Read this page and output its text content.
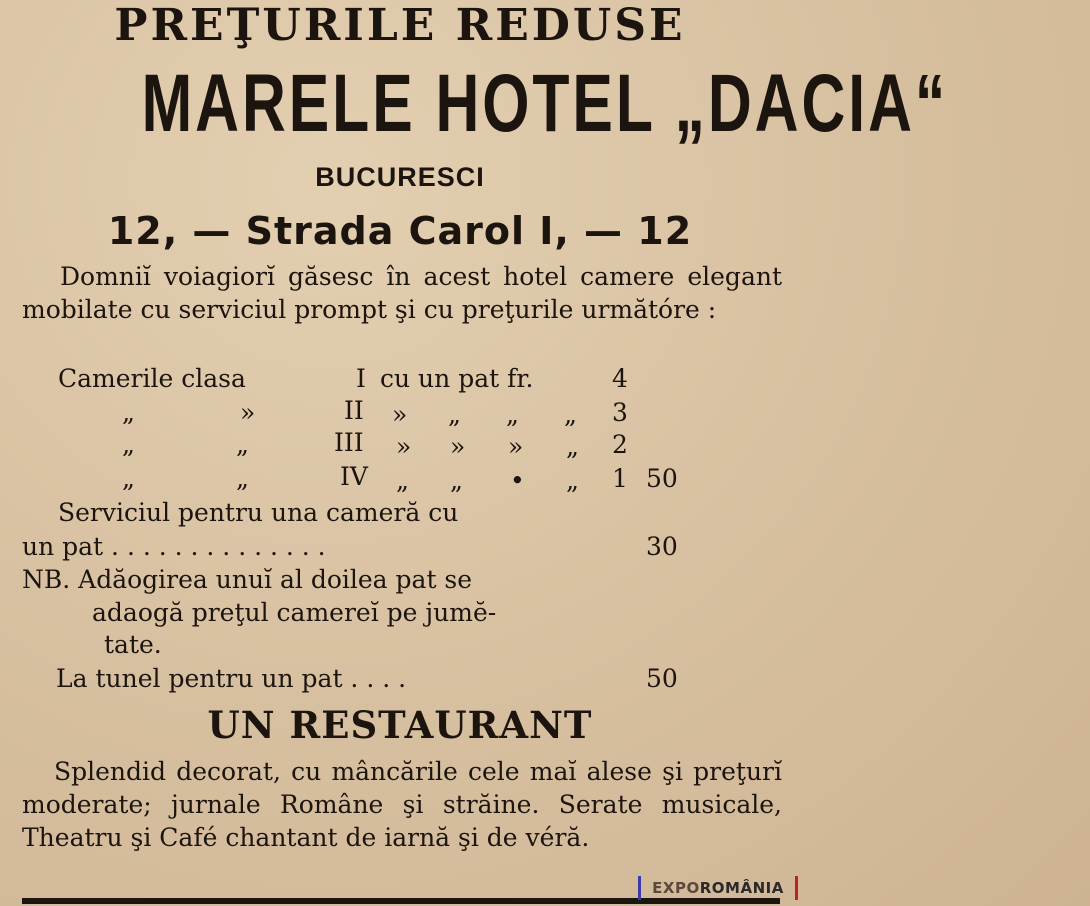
PREŢURILE REDUSE
MARELE HOTEL „DACIA“
BUCURESCI
12, — Strada Carol I, — 12
Domniĭ voiagiorĭ găsesc în acest hotel camere elegant mobilate cu serviciul prompt şi cu preţurile următóre :
Camerile clasa	I cu un pat fr.	4
„	»	II » „ „ „ 3
„	„	III » » » „ 2
„	„	IV „ „ • „ 1 50
Serviciul pentru una cameră cu
un pat . . . . . . . . . . . . . .	30
NB. Adăogirea unuĭ al doilea pat se
adaogă preţul camereĭ pe jumĕ-
tate.
La tunel pentru un pat . . . .	50
UN RESTAURANT
Splendid decorat, cu mâncările cele maĭ alese şi preţurĭ moderate; jurnale Române şi străine. Serate musicale, Theatru şi Café chantant de iarnă şi de véră.
EXPOROMÂNIA
